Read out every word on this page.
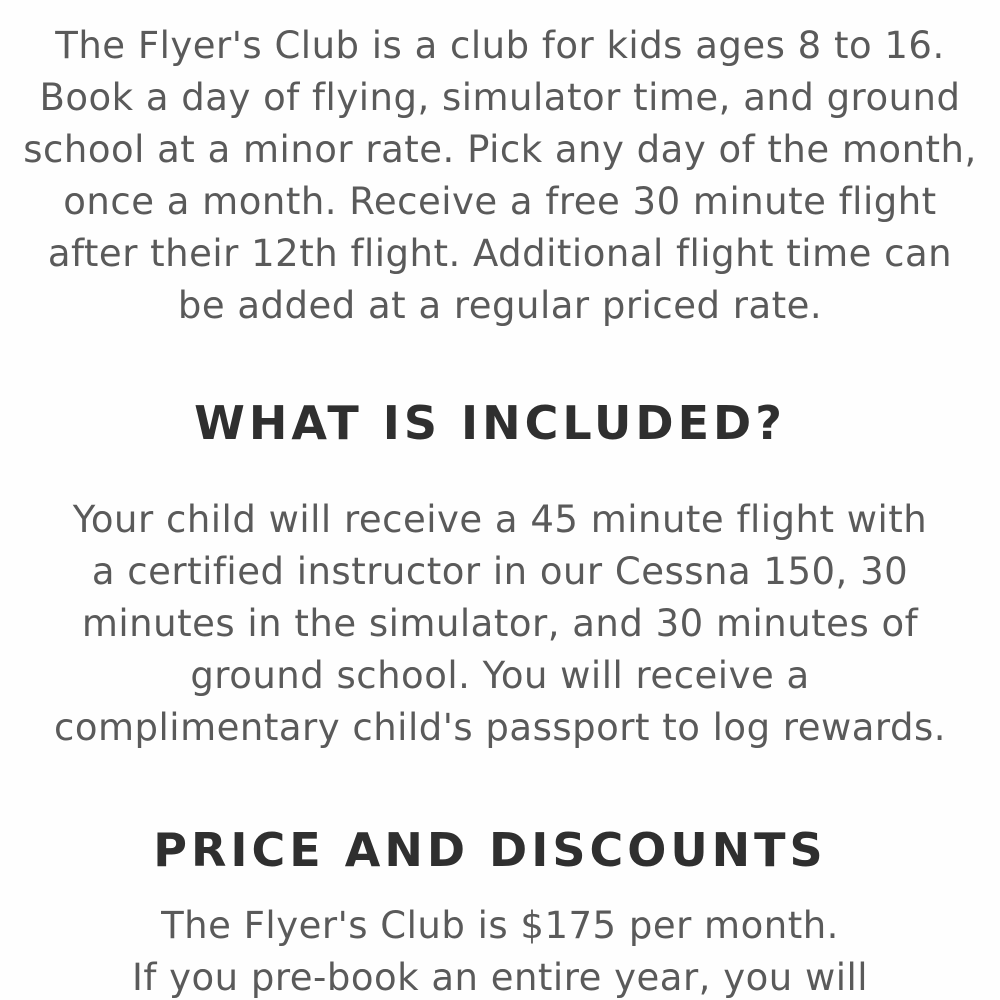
The Flyer's Club is a club for kids ages 8 to 16.
Book a day of flying, simulator time, and ground
school at a minor rate. Pick any day of the month,
once a month. Receive a free 30 minute flight
after their 12th flight. Additional flight time can
be added at a regular priced rate.
WHAT IS INCLUDED?
Your child will receive a 45 minute flight with
a certified instructor in our Cessna 150, 30
minutes in the simulator, and 30 minutes of
ground school. You will receive a
complimentary child's passport to log rewards.
PRICE AND DISCOUNTS
The Flyer's Club is $175 per month.
If you pre-book an entire year, you will
